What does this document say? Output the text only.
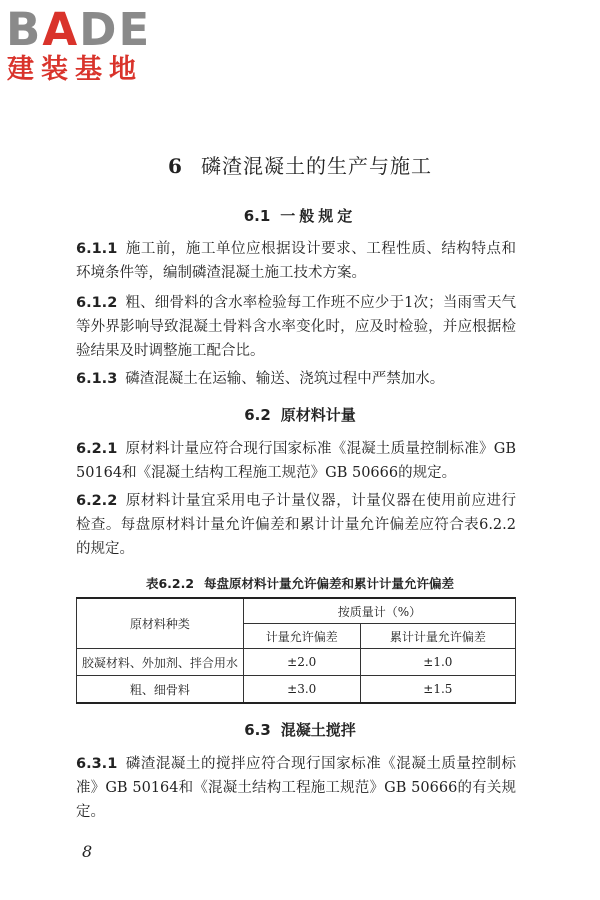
BADE
建装基地
6 磷渣混凝土的生产与施工
6.1 一般规定
6.1.1 施工前，施工单位应根据设计要求、工程性质、结构特点和环境条件等，编制磷渣混凝土施工技术方案。
6.1.2 粗、细骨料的含水率检验每工作班不应少于1次；当雨雪天气等外界影响导致混凝土骨料含水率变化时，应及时检验，并应根据检验结果及时调整施工配合比。
6.1.3 磷渣混凝土在运输、输送、浇筑过程中严禁加水。
6.2 原材料计量
6.2.1 原材料计量应符合现行国家标准《混凝土质量控制标准》GB 50164和《混凝土结构工程施工规范》GB 50666的规定。
6.2.2 原材料计量宜采用电子计量仪器，计量仪器在使用前应进行检查。每盘原材料计量允许偏差和累计计量允许偏差应符合表6.2.2的规定。
表6.2.2 每盘原材料计量允许偏差和累计计量允许偏差
原材料种类	按质量计（%）	
	计量允许偏差	累计计量允许偏差
胶凝材料、外加剂、拌合用水	±2.0	±1.0
粗、细骨料	±3.0	±1.5
6.3 混凝土搅拌
6.3.1 磷渣混凝土的搅拌应符合现行国家标准《混凝土质量控制标准》GB 50164和《混凝土结构工程施工规范》GB 50666的有关规定。
8
